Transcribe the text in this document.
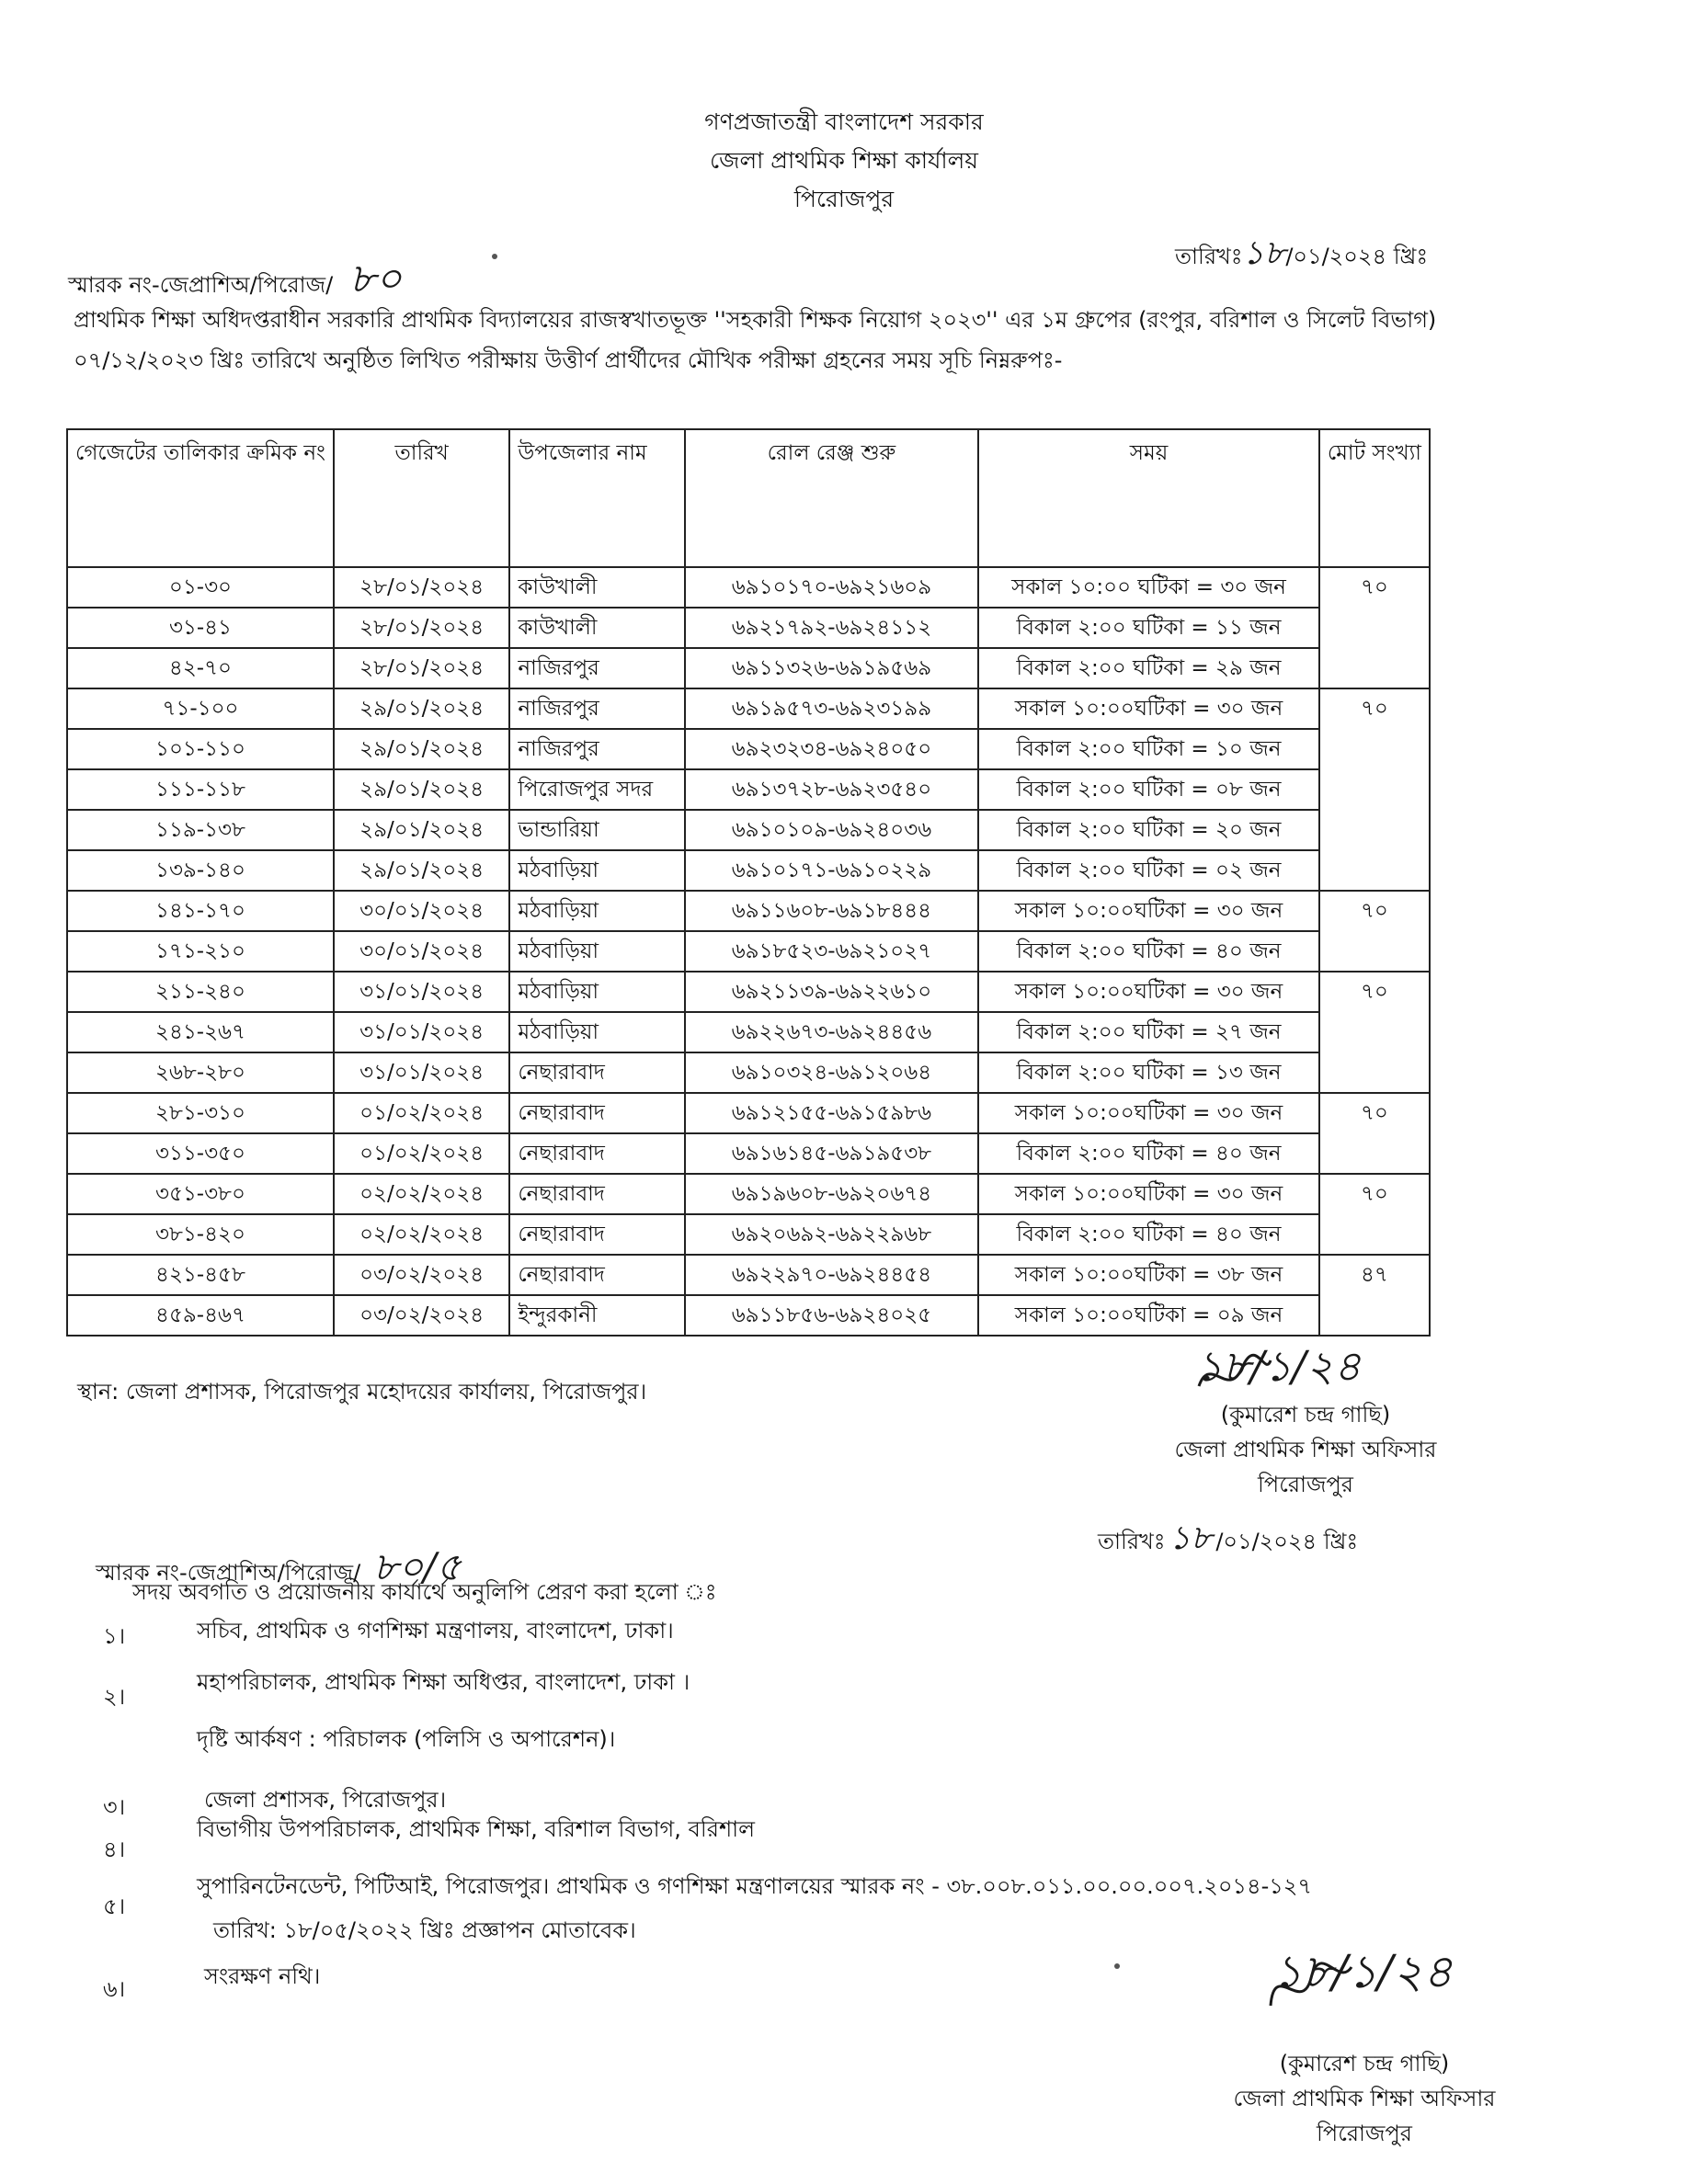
গণপ্রজাতন্ত্রী বাংলাদেশ সরকার
জেলা প্রাথমিক শিক্ষা কার্যালয়
পিরোজপুর
স্মারক নং-জেপ্রাশিঅ/পিরোজ/ ৮০	তারিখঃ১৮/০১/২০২৪ খ্রিঃ
প্রাথমিক শিক্ষা অধিদপ্তরাধীন সরকারি প্রাথমিক বিদ্যালয়ের রাজস্বখাতভূক্ত ''সহকারী শিক্ষক নিয়োগ ২০২৩'' এর ১ম গ্রুপের (রংপুর, বরিশাল ও সিলেট বিভাগ) ০৭/১২/২০২৩ খ্রিঃ তারিখে অনুষ্ঠিত লিখিত পরীক্ষায় উত্তীর্ণ প্রার্থীদের মৌখিক পরীক্ষা গ্রহনের সময় সূচি নিম্নরুপঃ-
গেজেটের তালিকার ক্রমিক নং	তারিখ	উপজেলার নাম	রোল রেঞ্জ শুরু	সময়	মোট সংখ্যা
০১-৩০	২৮/০১/২০২৪	কাউখালী	৬৯১০১৭০-৬৯২১৬০৯	সকাল ১০:০০ ঘটিকা = ৩০ জন	৭০
৩১-৪১	২৮/০১/২০২৪	কাউখালী	৬৯২১৭৯২-৬৯২৪১১২	বিকাল ২:০০ ঘটিকা = ১১ জন	
৪২-৭০	২৮/০১/২০২৪	নাজিরপুর	৬৯১১৩২৬-৬৯১৯৫৬৯	বিকাল ২:০০ ঘটিকা = ২৯ জন	
৭১-১০০	২৯/০১/২০২৪	নাজিরপুর	৬৯১৯৫৭৩-৬৯২৩১৯৯	সকাল ১০:০০ঘটিকা = ৩০ জন	৭০
১০১-১১০	২৯/০১/২০২৪	নাজিরপুর	৬৯২৩২৩৪-৬৯২৪০৫০	বিকাল ২:০০ ঘটিকা = ১০ জন	
১১১-১১৮	২৯/০১/২০২৪	পিরোজপুর সদর	৬৯১৩৭২৮-৬৯২৩৫৪০	বিকাল ২:০০ ঘটিকা = ০৮ জন	
১১৯-১৩৮	২৯/০১/২০২৪	ভান্ডারিয়া	৬৯১০১০৯-৬৯২৪০৩৬	বিকাল ২:০০ ঘটিকা = ২০ জন	
১৩৯-১৪০	২৯/০১/২০২৪	মঠবাড়িয়া	৬৯১০১৭১-৬৯১০২২৯	বিকাল ২:০০ ঘটিকা = ০২ জন	
১৪১-১৭০	৩০/০১/২০২৪	মঠবাড়িয়া	৬৯১১৬০৮-৬৯১৮৪৪৪	সকাল ১০:০০ঘটিকা = ৩০ জন	৭০
১৭১-২১০	৩০/০১/২০২৪	মঠবাড়িয়া	৬৯১৮৫২৩-৬৯২১০২৭	বিকাল ২:০০ ঘটিকা = ৪০ জন	
২১১-২৪০	৩১/০১/২০২৪	মঠবাড়িয়া	৬৯২১১৩৯-৬৯২২৬১০	সকাল ১০:০০ঘটিকা = ৩০ জন	৭০
২৪১-২৬৭	৩১/০১/২০২৪	মঠবাড়িয়া	৬৯২২৬৭৩-৬৯২৪৪৫৬	বিকাল ২:০০ ঘটিকা = ২৭ জন	
২৬৮-২৮০	৩১/০১/২০২৪	নেছারাবাদ	৬৯১০৩২৪-৬৯১২০৬৪	বিকাল ২:০০ ঘটিকা = ১৩ জন	
২৮১-৩১০	০১/০২/২০২৪	নেছারাবাদ	৬৯১২১৫৫-৬৯১৫৯৮৬	সকাল ১০:০০ঘটিকা = ৩০ জন	৭০
৩১১-৩৫০	০১/০২/২০২৪	নেছারাবাদ	৬৯১৬১৪৫-৬৯১৯৫৩৮	বিকাল ২:০০ ঘটিকা = ৪০ জন	
৩৫১-৩৮০	০২/০২/২০২৪	নেছারাবাদ	৬৯১৯৬০৮-৬৯২০৬৭৪	সকাল ১০:০০ঘটিকা = ৩০ জন	৭০
৩৮১-৪২০	০২/০২/২০২৪	নেছারাবাদ	৬৯২০৬৯২-৬৯২২৯৬৮	বিকাল ২:০০ ঘটিকা = ৪০ জন	
৪২১-৪৫৮	০৩/০২/২০২৪	নেছারাবাদ	৬৯২২৯৭০-৬৯২৪৪৫৪	সকাল ১০:০০ঘটিকা = ৩৮ জন	৪৭
৪৫৯-৪৬৭	০৩/০২/২০২৪	ইন্দুরকানী	৬৯১১৮৫৬-৬৯২৪০২৫	সকাল ১০:০০ঘটিকা = ০৯ জন	
স্থান: জেলা প্রশাসক, পিরোজপুর মহোদয়ের কার্যালয়, পিরোজপুর।
১৮/১/২৪
(কুমারেশ চন্দ্র গাছি)
জেলা প্রাথমিক শিক্ষা অফিসার
পিরোজপুর
তারিখঃ ১৮ /০১/২০২৪ খ্রিঃ
স্মারক নং-জেপ্রাশিঅ/পিরোজ/ ৮০/৫
সদয় অবগতি ও প্রয়োজনীয় কার্যার্থে অনুলিপি প্রেরণ করা হলো ঃ
১।	সচিব, প্রাথমিক ও গণশিক্ষা মন্ত্রণালয়, বাংলাদেশ, ঢাকা।
২।
মহাপরিচালক, প্রাথমিক শিক্ষা অধিপ্তর, বাংলাদেশ, ঢাকা ।
দৃষ্টি আর্কষণ : পরিচালক (পলিসি ও অপারেশন)।
৩।	জেলা প্রশাসক, পিরোজপুর।
৪।
বিভাগীয় উপপরিচালক, প্রাথমিক শিক্ষা, বরিশাল বিভাগ, বরিশাল
৫।
সুপারিনটেনডেন্ট, পিটিআই, পিরোজপুর। প্রাথমিক ও গণশিক্ষা মন্ত্রণালয়ের স্মারক নং - ৩৮.০০৮.০১১.০০.০০.০০৭.২০১৪-১২৭
তারিখ: ১৮/০৫/২০২২ খ্রিঃ প্রজ্ঞাপন মোতাবেক।
৬।	সংরক্ষণ নথি।	১৮/১/২৪
(কুমারেশ চন্দ্র গাছি)
জেলা প্রাথমিক শিক্ষা অফিসার
পিরোজপুর
